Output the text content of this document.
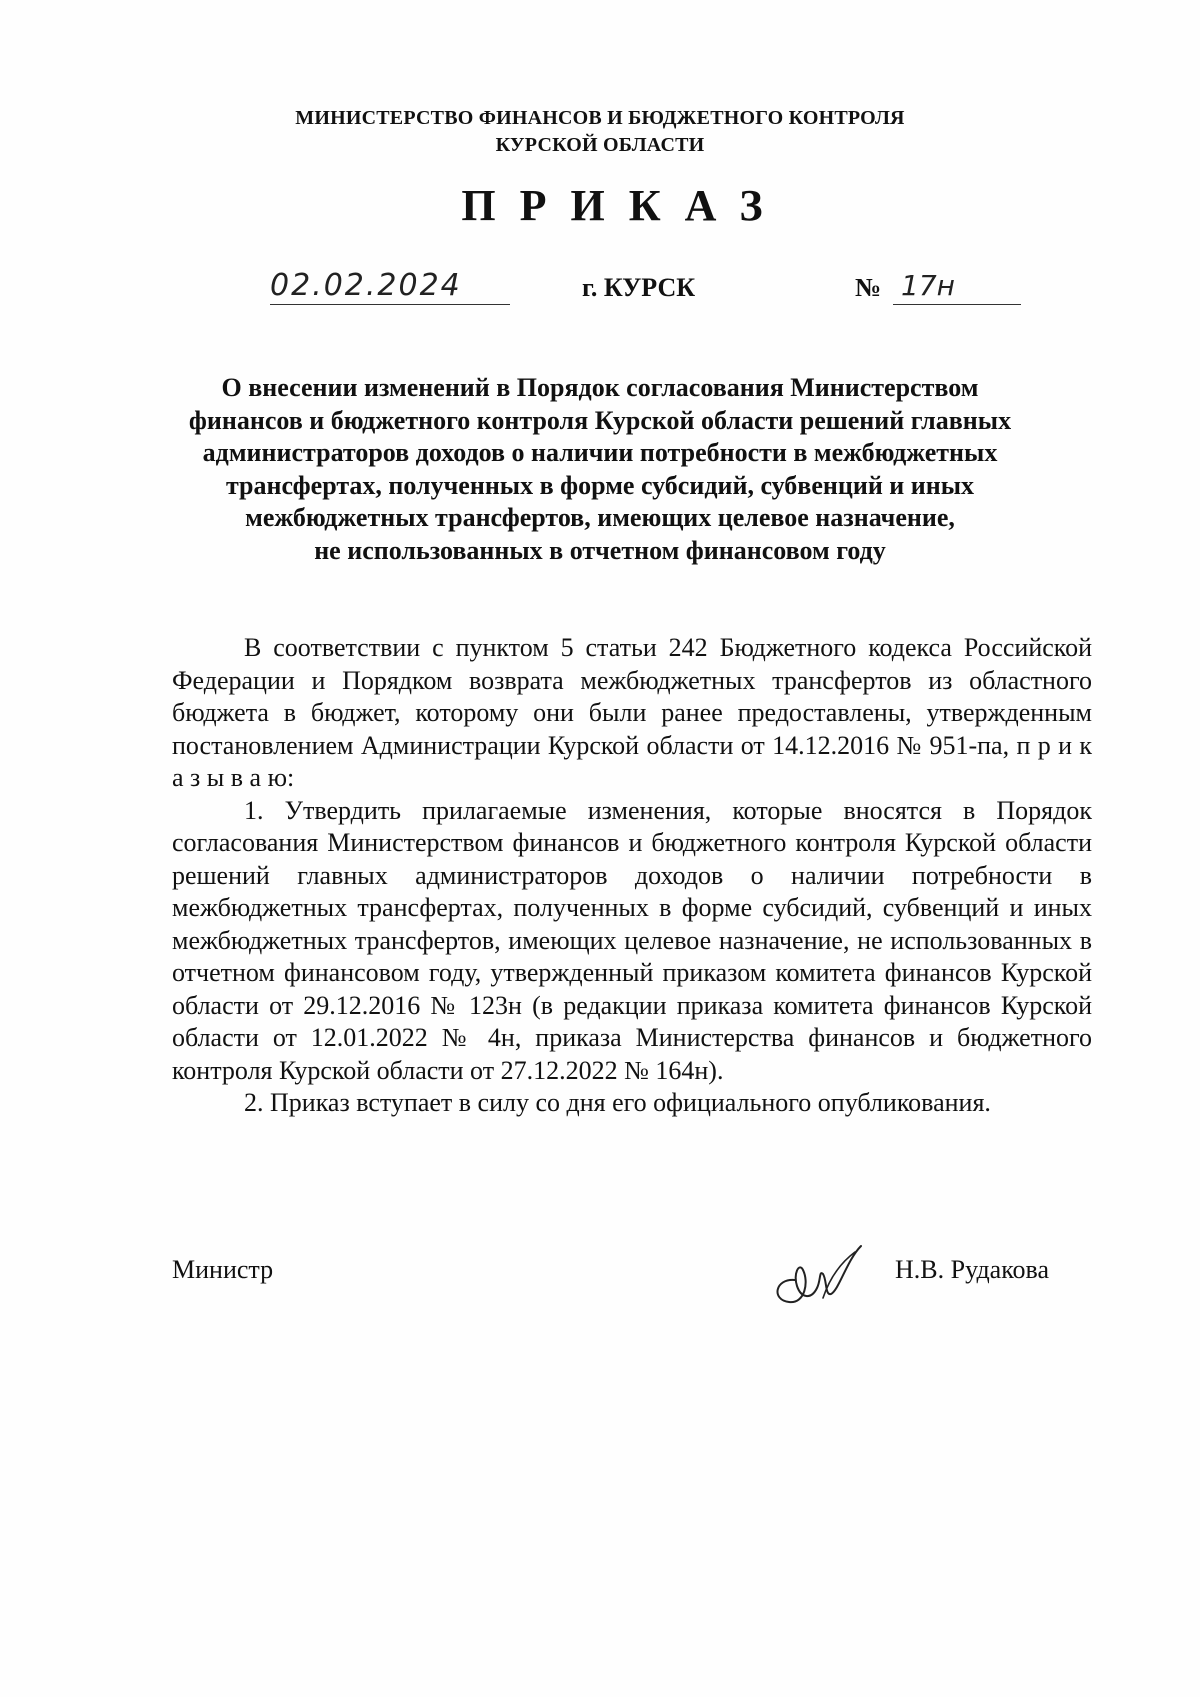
МИНИСТЕРСТВО ФИНАНСОВ И БЮДЖЕТНОГО КОНТРОЛЯ
КУРСКОЙ ОБЛАСТИ
ПРИКАЗ
02.02.2024	г. КУРСК	№ 17н
О внесении изменений в Порядок согласования Министерством
финансов и бюджетного контроля Курской области решений главных
администраторов доходов о наличии потребности в межбюджетных
трансфертах, полученных в форме субсидий, субвенций и иных
межбюджетных трансфертов, имеющих целевое назначение,
не использованных в отчетном финансовом году

В соответствии с пунктом 5 статьи 242 Бюджетного кодекса Российской Федерации и Порядком возврата межбюджетных трансфертов из областного бюджета в бюджет, которому они были ранее предоставлены, утвержденным постановлением Администрации Курской области от 14.12.2016 № 951-па, п р и к а з ы в а ю:

1. Утвердить прилагаемые изменения, которые вносятся в Порядок согласования Министерством финансов и бюджетного контроля Курской области решений главных администраторов доходов о наличии потребности в межбюджетных трансфертах, полученных в форме субсидий, субвенций и иных межбюджетных трансфертов, имеющих целевое назначение, не использованных в отчетном финансовом году, утвержденный приказом комитета финансов Курской области от 29.12.2016 № 123н (в редакции приказа комитета финансов Курской области от 12.01.2022 № 4н, приказа Министерства финансов и бюджетного контроля Курской области от 27.12.2022 № 164н).

2. Приказ вступает в силу со дня его официального опубликования.

Министр	Н.В. Рудакова
